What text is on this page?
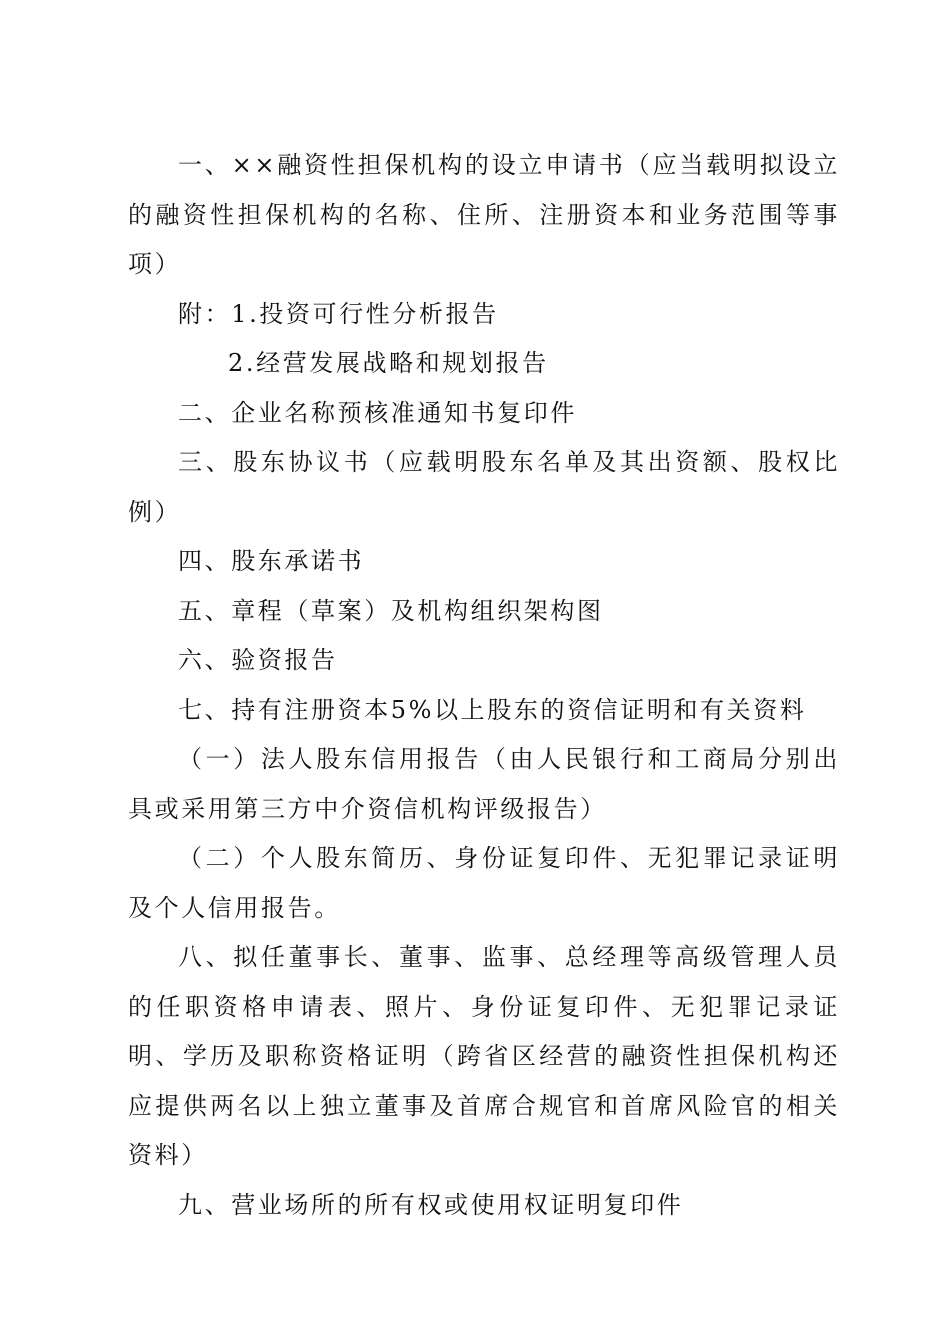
一、××融资性担保机构的设立申请书（应当载明拟设立的融资性担保机构的名称、住所、注册资本和业务范围等事项）

附：1.投资可行性分析报告

2.经营发展战略和规划报告

二、企业名称预核准通知书复印件

三、股东协议书（应载明股东名单及其出资额、股权比例）

四、股东承诺书

五、章程（草案）及机构组织架构图

六、验资报告

七、持有注册资本5%以上股东的资信证明和有关资料

（一）法人股东信用报告（由人民银行和工商局分别出具或采用第三方中介资信机构评级报告）

（二）个人股东简历、身份证复印件、无犯罪记录证明及个人信用报告。

八、拟任董事长、董事、监事、总经理等高级管理人员的任职资格申请表、照片、身份证复印件、无犯罪记录证明、学历及职称资格证明（跨省区经营的融资性担保机构还应提供两名以上独立董事及首席合规官和首席风险官的相关资料）

九、营业场所的所有权或使用权证明复印件
